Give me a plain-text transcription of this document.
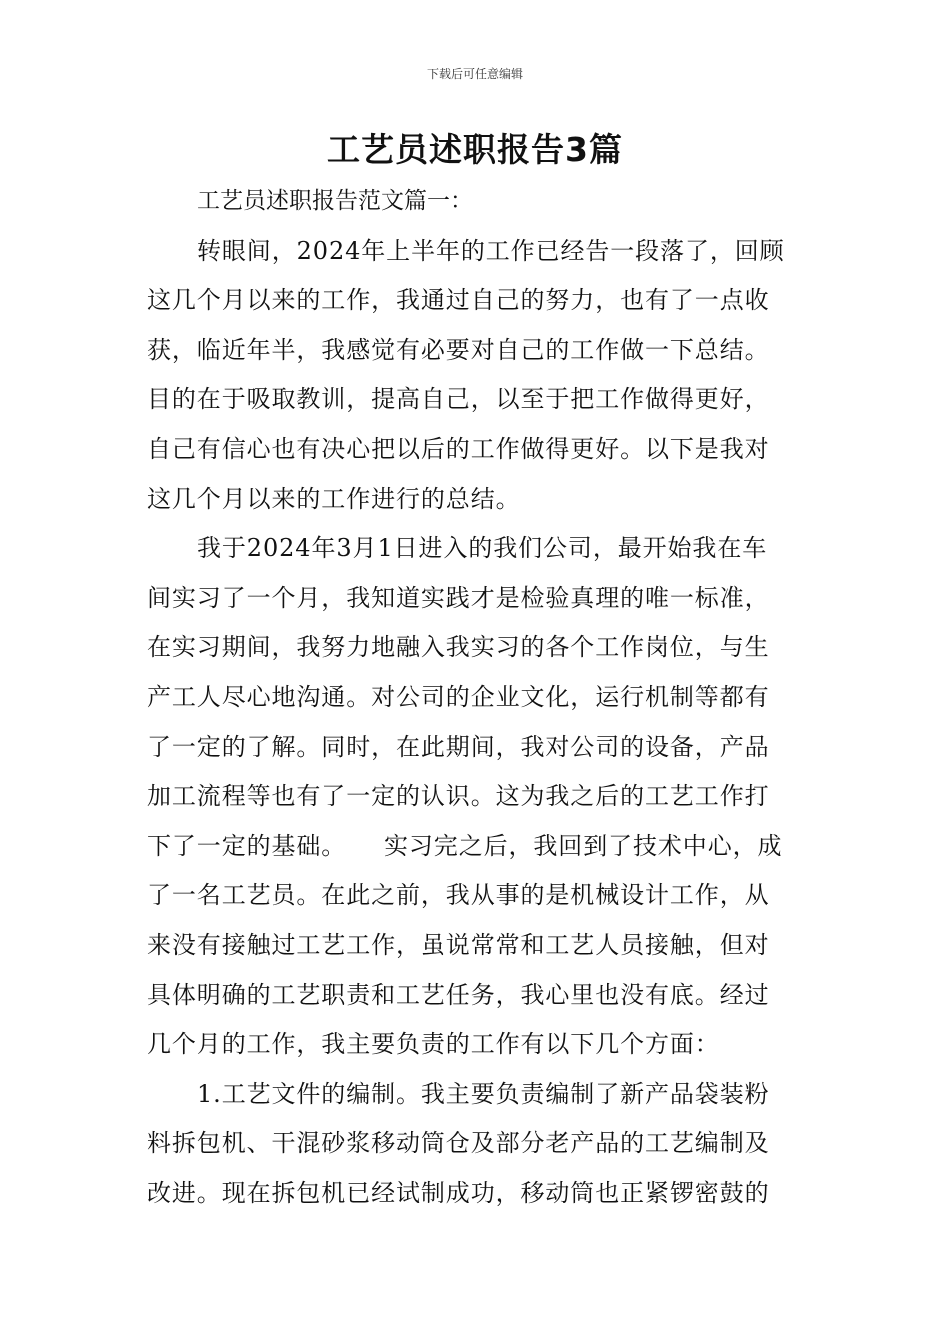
下载后可任意编辑
工艺员述职报告3篇
工艺员述职报告范文篇一：
转眼间，2024年上半年的工作已经告一段落了，回顾
这几个月以来的工作，我通过自己的努力，也有了一点收
获，临近年半，我感觉有必要对自己的工作做一下总结。
目的在于吸取教训，提高自己，以至于把工作做得更好，
自己有信心也有决心把以后的工作做得更好。以下是我对
这几个月以来的工作进行的总结。
我于2024年3月1日进入的我们公司，最开始我在车
间实习了一个月，我知道实践才是检验真理的唯一标准，
在实习期间，我努力地融入我实习的各个工作岗位，与生
产工人尽心地沟通。对公司的企业文化，运行机制等都有
了一定的了解。同时，在此期间，我对公司的设备，产品
加工流程等也有了一定的认识。这为我之后的工艺工作打
下了一定的基础。　　实习完之后，我回到了技术中心，成
了一名工艺员。在此之前，我从事的是机械设计工作，从
来没有接触过工艺工作，虽说常常和工艺人员接触，但对
具体明确的工艺职责和工艺任务，我心里也没有底。经过
几个月的工作，我主要负责的工作有以下几个方面：
1.工艺文件的编制。我主要负责编制了新产品袋装粉
料拆包机、干混砂浆移动筒仓及部分老产品的工艺编制及
改进。现在拆包机已经试制成功，移动筒也正紧锣密鼓的
